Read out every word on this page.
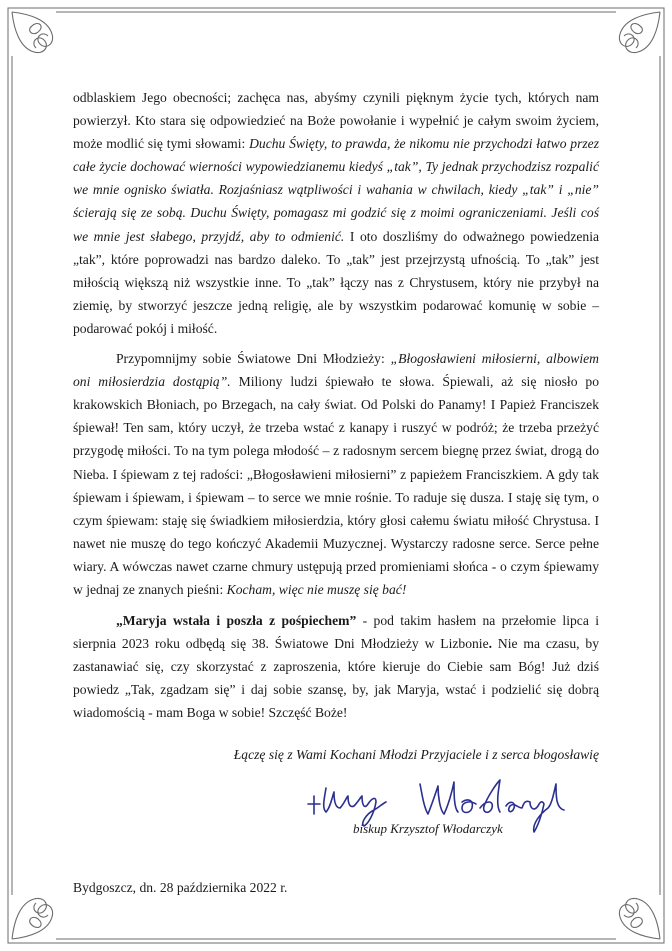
odblaskiem Jego obecności; zachęca nas, abyśmy czynili pięknym życie tych, których nam powierzył. Kto stara się odpowiedzieć na Boże powołanie i wypełnić je całym swoim życiem, może modlić się tymi słowami: Duchu Święty, to prawda, że nikomu nie przychodzi łatwo przez całe życie dochować wierności wypowiedzianemu kiedyś „tak”, Ty jednak przychodzisz rozpalić we mnie ognisko światła. Rozjaśniasz wątpliwości i wahania w chwilach, kiedy „tak” i „nie” ścierają się ze sobą. Duchu Święty, pomagasz mi godzić się z moimi ograniczeniami. Jeśli coś we mnie jest słabego, przyjdź, aby to odmienić. I oto doszliśmy do odważnego powiedzenia „tak”, które poprowadzi nas bardzo daleko. To „tak” jest przejrzystą ufnością. To „tak” jest miłością większą niż wszystkie inne. To „tak” łączy nas z Chrystusem, który nie przybył na ziemię, by stworzyć jeszcze jedną religię, ale by wszystkim podarować komunię w sobie – podarować pokój i miłość.

Przypomnijmy sobie Światowe Dni Młodzieży: „Błogosławieni miłosierni, albowiem oni miłosierdzia dostąpią”. Miliony ludzi śpiewało te słowa. Śpiewali, aż się niosło po krakowskich Błoniach, po Brzegach, na cały świat. Od Polski do Panamy! I Papież Franciszek śpiewał! Ten sam, który uczył, że trzeba wstać z kanapy i ruszyć w podróż; że trzeba przeżyć przygodę miłości. To na tym polega młodość – z radosnym sercem biegnę przez świat, drogą do Nieba. I śpiewam z tej radości: „Błogosławieni miłosierni” z papieżem Franciszkiem. A gdy tak śpiewam i śpiewam, i śpiewam – to serce we mnie rośnie. To raduje się dusza. I staję się tym, o czym śpiewam: staję się świadkiem miłosierdzia, który głosi całemu światu miłość Chrystusa. I nawet nie muszę do tego kończyć Akademii Muzycznej. Wystarczy radosne serce. Serce pełne wiary. A wówczas nawet czarne chmury ustępują przed promieniami słońca - o czym śpiewamy w jednaj ze znanych pieśni: Kocham, więc nie muszę się bać!

„Maryja wstała i poszła z pośpiechem” - pod takim hasłem na przełomie lipca i sierpnia 2023 roku odbędą się 38. Światowe Dni Młodzieży w Lizbonie. Nie ma czasu, by zastanawiać się, czy skorzystać z zaproszenia, które kieruje do Ciebie sam Bóg! Już dziś powiedz „Tak, zgadzam się” i daj sobie szansę, by, jak Maryja, wstać i podzielić się dobrą wiadomością - mam Boga w sobie! Szczęść Boże!

Łączę się z Wami Kochani Młodzi Przyjaciele i z serca błogosławię
biskup Krzysztof Włodarczyk
Bydgoszcz, dn. 28 października 2022 r.
